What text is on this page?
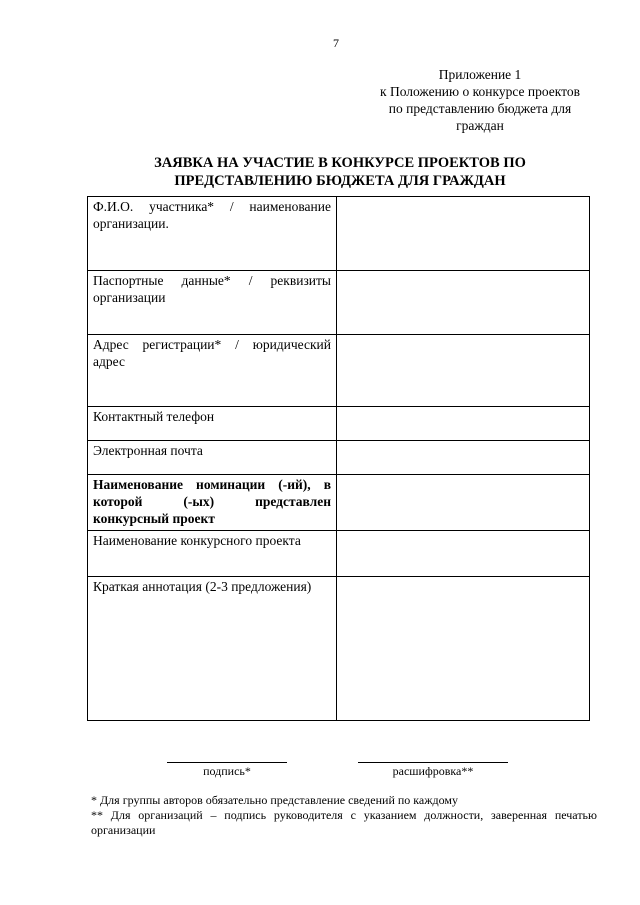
7
Приложение 1
к Положению о конкурсе проектов
по представлению бюджета для
граждан
ЗАЯВКА НА УЧАСТИЕ В КОНКУРСЕ ПРОЕКТОВ ПО
ПРЕДСТАВЛЕНИЮ БЮДЖЕТА ДЛЯ ГРАЖДАН
Ф.И.О. участника* / наименование организации.	
Паспортные данные* / реквизиты организации	
Адрес регистрации* / юридический адрес	
Контактный телефон	
Электронная почта	
Наименование номинации (-ий), в которой (-ых) представлен конкурсный проект	
Наименование конкурсного проекта	
Краткая аннотация (2-3 предложения)	
подпись*	расшифровка**

* Для группы авторов обязательно представление сведений по каждому

** Для организаций – подпись руководителя с указанием должности, заверенная печатью организации
